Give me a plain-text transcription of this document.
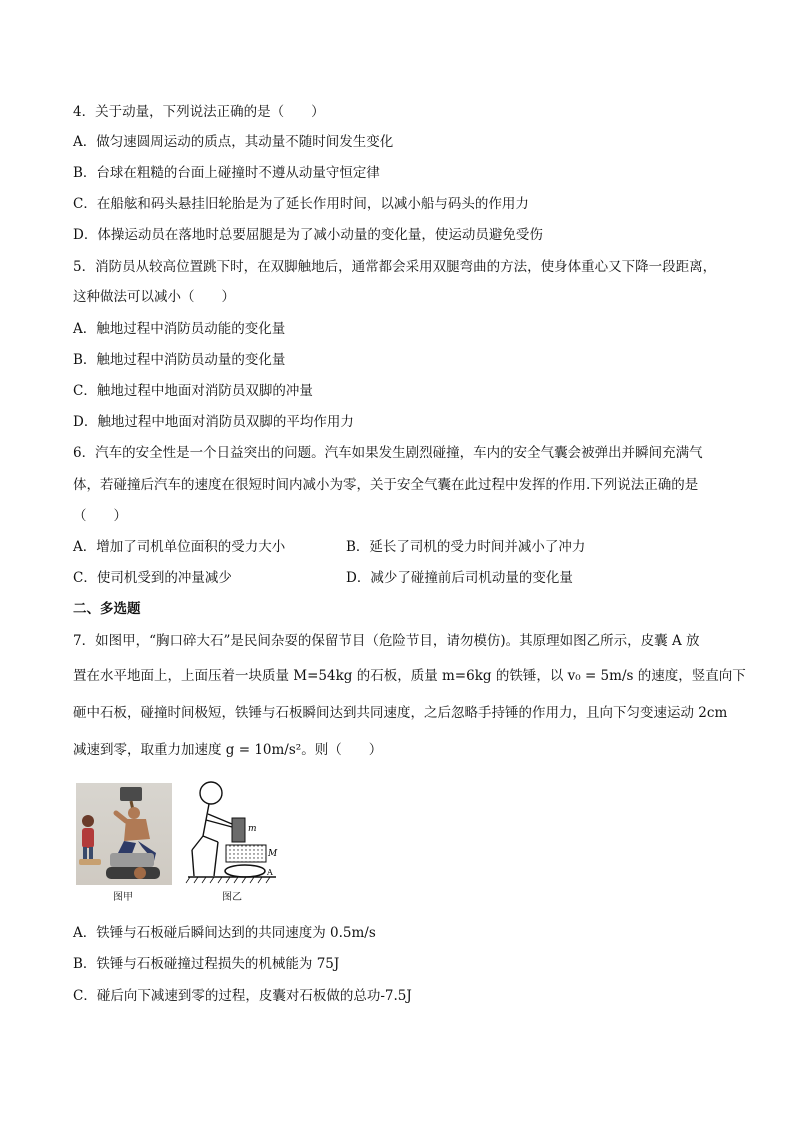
4．关于动量，下列说法正确的是（　　）
A．做匀速圆周运动的质点，其动量不随时间发生变化
B．台球在粗糙的台面上碰撞时不遵从动量守恒定律
C．在船舷和码头悬挂旧轮胎是为了延长作用时间，以减小船与码头的作用力
D．体操运动员在落地时总要屈腿是为了减小动量的变化量，使运动员避免受伤
5．消防员从较高位置跳下时，在双脚触地后，通常都会采用双腿弯曲的方法，使身体重心又下降一段距离，
这种做法可以减小（　　）
A．触地过程中消防员动能的变化量
B．触地过程中消防员动量的变化量
C．触地过程中地面对消防员双脚的冲量
D．触地过程中地面对消防员双脚的平均作用力
6．汽车的安全性是一个日益突出的问题。汽车如果发生剧烈碰撞，车内的安全气囊会被弹出并瞬间充满气
体，若碰撞后汽车的速度在很短时间内减小为零，关于安全气囊在此过程中发挥的作用.下列说法正确的是
（　　）
A．增加了司机单位面积的受力大小	B．延长了司机的受力时间并减小了冲力
C．使司机受到的冲量减少	D．减少了碰撞前后司机动量的变化量
二、多选题
7．如图甲，“胸口碎大石”是民间杂耍的保留节目（危险节目，请勿模仿)。其原理如图乙所示，皮囊 A 放
置在水平地面上，上面压着一块质量 M=54kg 的石板，质量 m=6kg 的铁锤，以 v₀ = 5m/s 的速度，竖直向下
砸中石板，碰撞时间极短，铁锤与石板瞬间达到共同速度，之后忽略手持锤的作用力，且向下匀变速运动 2cm
减速到零，取重力加速度 g = 10m/s²。则（　　）
m
M
A
图甲	图乙
A．铁锤与石板碰后瞬间达到的共同速度为 0.5m/s
B．铁锤与石板碰撞过程损失的机械能为 75J
C．碰后向下减速到零的过程，皮囊对石板做的总功-7.5J
